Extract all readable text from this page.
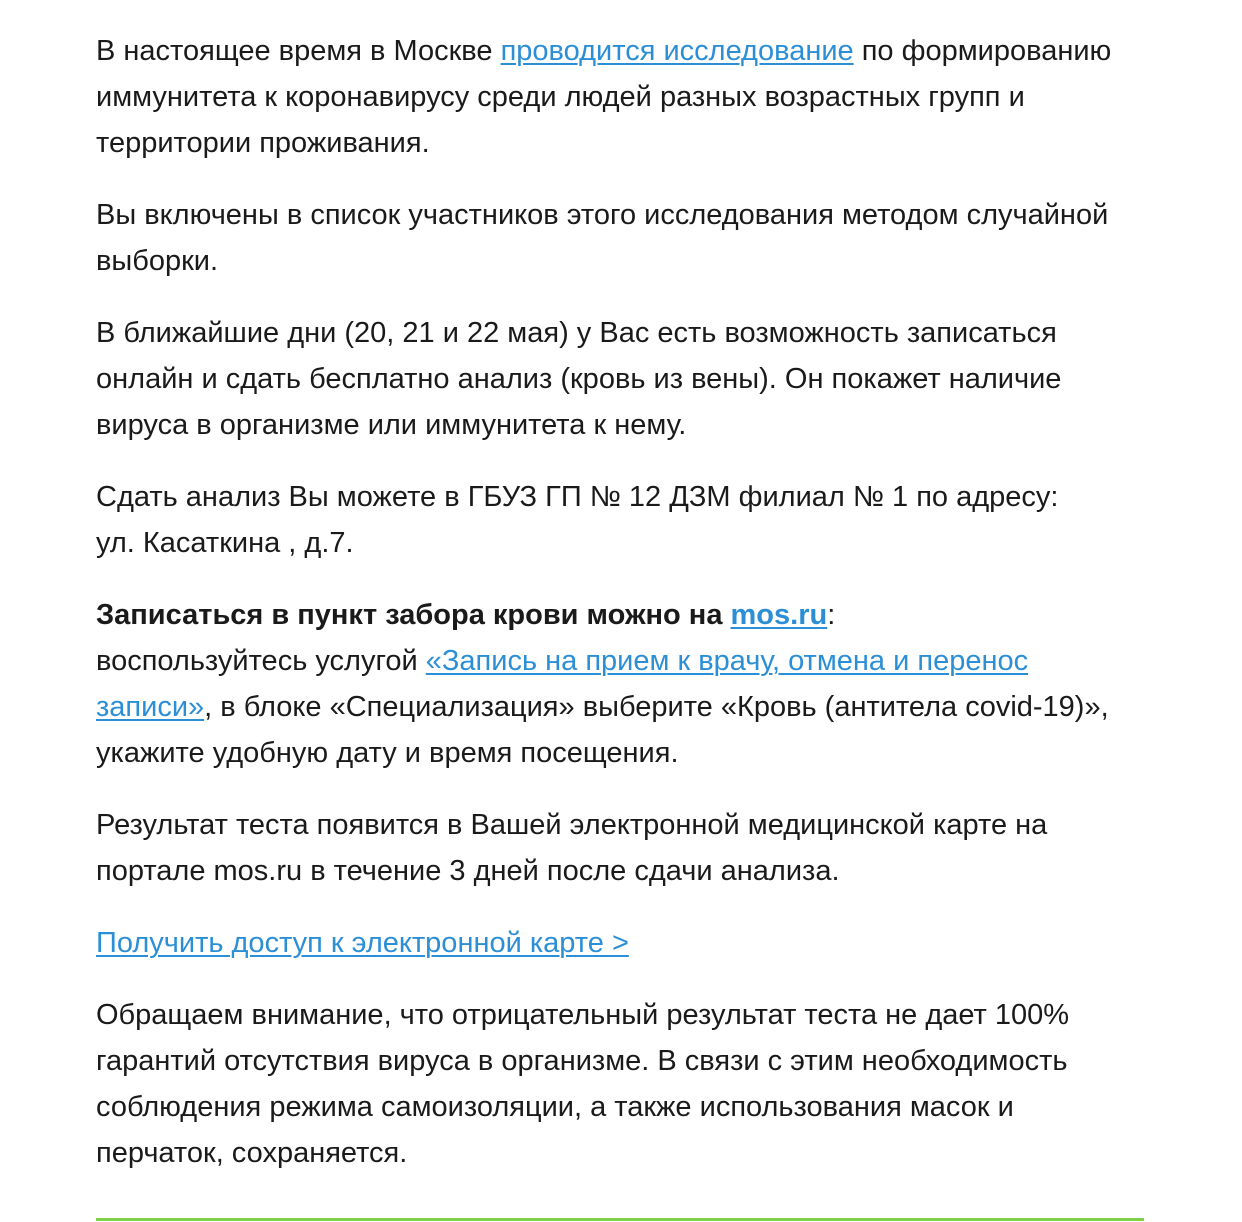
В настоящее время в Москве проводится исследование по формированию иммунитета к коронавирусу среди людей разных возрастных групп и территории проживания.

Вы включены в список участников этого исследования методом случайной выборки.

В ближайшие дни (20, 21 и 22 мая) у Вас есть возможность записаться онлайн и сдать бесплатно анализ (кровь из вены). Он покажет наличие вируса в организме или иммунитета к нему.

Сдать анализ Вы можете в ГБУЗ ГП № 12 ДЗМ филиал № 1 по адресу:
ул. Касаткина , д.7.

Записаться в пункт забора крови можно на mos.ru:
воспользуйтесь услугой «Запись на прием к врачу, отмена и перенос записи», в блоке «Специализация» выберите «Кровь (антитела covid-19)», укажите удобную дату и время посещения.

Результат теста появится в Вашей электронной медицинской карте на портале mos.ru в течение 3 дней после сдачи анализа.

Получить доступ к электронной карте >

Обращаем внимание, что отрицательный результат теста не дает 100% гарантий отсутствия вируса в организме. В связи с этим необходимость соблюдения режима самоизоляции, а также использования масок и перчаток, сохраняется.
